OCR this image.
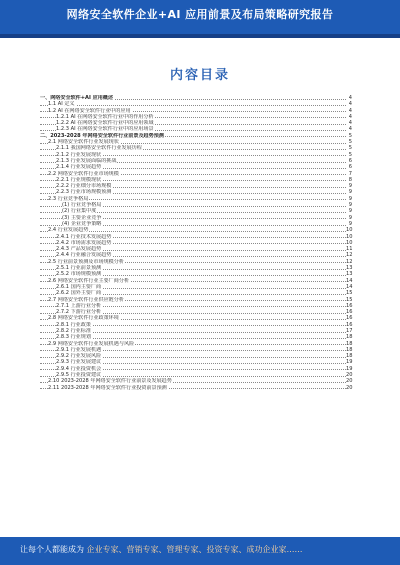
网络安全软件企业+AI 应用前景及布局策略研究报告
内容目录
一、网络安全软件+AI 应用概述	4
1.1 AI 定义	4
1.2 AI 在网络安全软件行业中的应用	4
1.2.1 AI 在网络安全软件行业中的作用分析	4
1.2.2 AI 在网络安全软件行业中的应用领域	4
1.2.3 AI 在网络安全软件行业中的应用场景	4
二、2023-2028 年网络安全软件行业前景及趋势预测	5
2.1 网络安全软件行业发展现状	5
2.1.1 我国网络安全软件行业发展历程	5
2.1.2 行业发展现状	5
2.1.3 行业发展面临的挑战	6
2.1.4 行业发展趋势	6
2.2 网络安全软件行业市场规模	7
2.2.1 行业规模现状	8
2.2.2 行业细分市场规模	9
2.2.3 行业市场规模预测	9
2.3 行业竞争格局	9
(1) 行业竞争格局	9
(2) 行业集中度	9
(3) 主要企业竞争	9
(4) 企业竞争策略	9
2.4 行业发展趋势	10
2.4.1 行业技术发展趋势	10
2.4.2 市场需求发展趋势	10
2.4.3 产品发展趋势	11
2.4.4 行业融合发展趋势	12
2.5 行业前景预测及市场规模分析	12
2.5.1 行业前景预测	13
2.5.2 市场规模预测	13
2.6 网络安全软件行业主要厂商分析	14
2.6.1 国内主要厂商	14
2.6.2 国外主要厂商	15
2.7 网络安全软件行业供应链分析	15
2.7.1 上游行业分析	16
2.7.2 下游行业分析	16
2.8 网络安全软件行业政策环境	16
2.8.1 行业政策	16
2.8.2 行业标准	17
2.8.3 行业规划	18
2.9 网络安全软件行业发展机遇与风险	18
2.9.1 行业发展机遇	18
2.9.2 行业发展风险	18
2.9.3 行业发展建议	19
2.9.4 行业投资机会	19
2.9.5 行业投资建议	20
2.10 2023-2028 年网络安全软件行业前景及发展趋势	20
2.11 2023-2028 年网络安全软件行业投资前景预测	20
让每个人都能成为 企业专家、营销专家、管理专家、投资专家、成功企业家……
